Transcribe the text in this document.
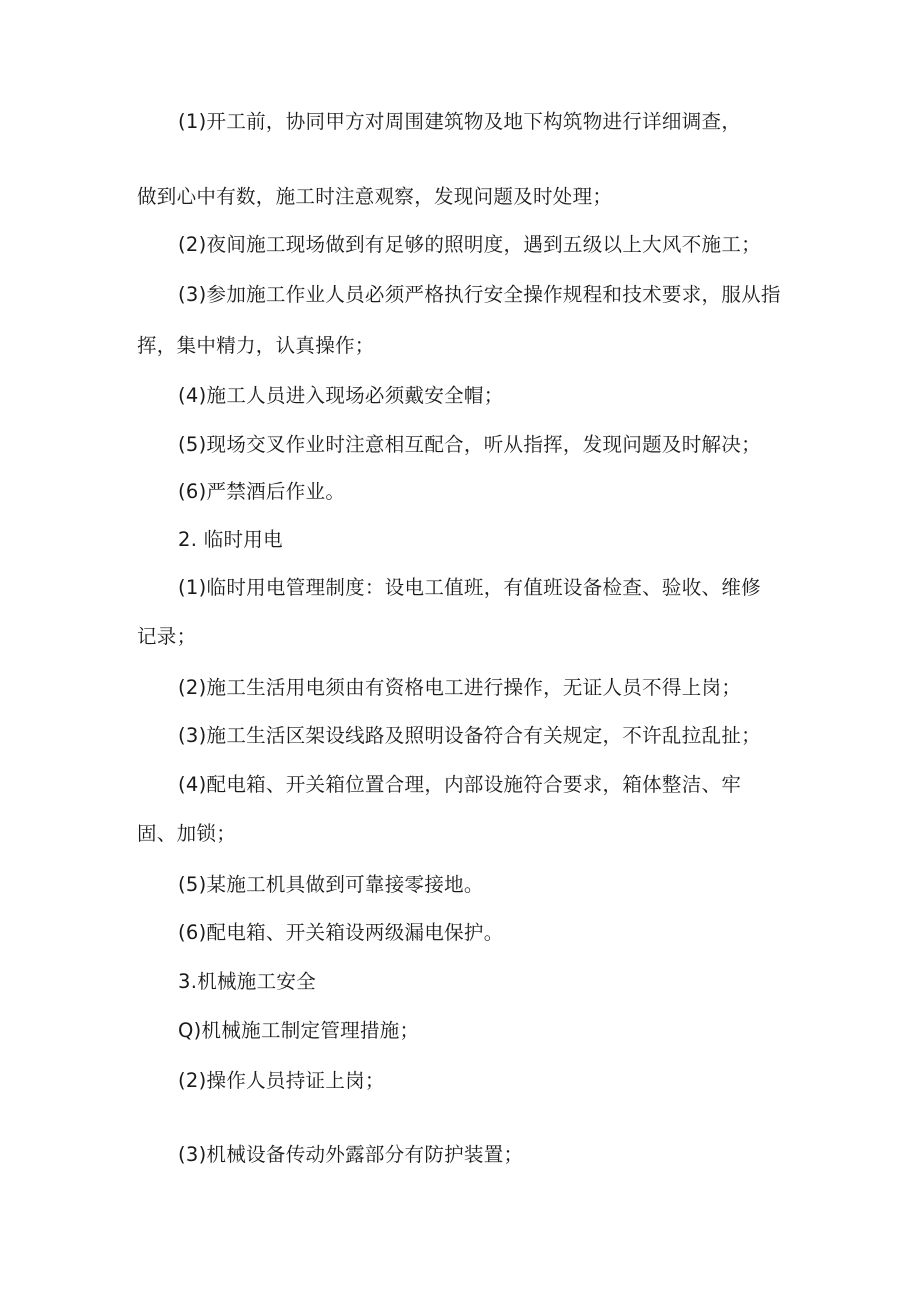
(1)开工前，协同甲方对周围建筑物及地下构筑物进行详细调查，
做到心中有数，施工时注意观察，发现问题及时处理；
(2)夜间施工现场做到有足够的照明度，遇到五级以上大风不施工；
(3)参加施工作业人员必须严格执行安全操作规程和技术要求，服从指
挥，集中精力，认真操作；
(4)施工人员进入现场必须戴安全帽；
(5)现场交叉作业时注意相互配合，听从指挥，发现问题及时解决；
(6)严禁酒后作业。
2. 临时用电
(1)临时用电管理制度：设电工值班，有值班设备检查、验收、维修
记录；
(2)施工生活用电须由有资格电工进行操作，无证人员不得上岗；
(3)施工生活区架设线路及照明设备符合有关规定，不许乱拉乱扯；
(4)配电箱、开关箱位置合理，内部设施符合要求，箱体整洁、牢
固、加锁；
(5)某施工机具做到可靠接零接地。
(6)配电箱、开关箱设两级漏电保护。
3.机械施工安全
Q)机械施工制定管理措施；
(2)操作人员持证上岗；
(3)机械设备传动外露部分有防护装置；
